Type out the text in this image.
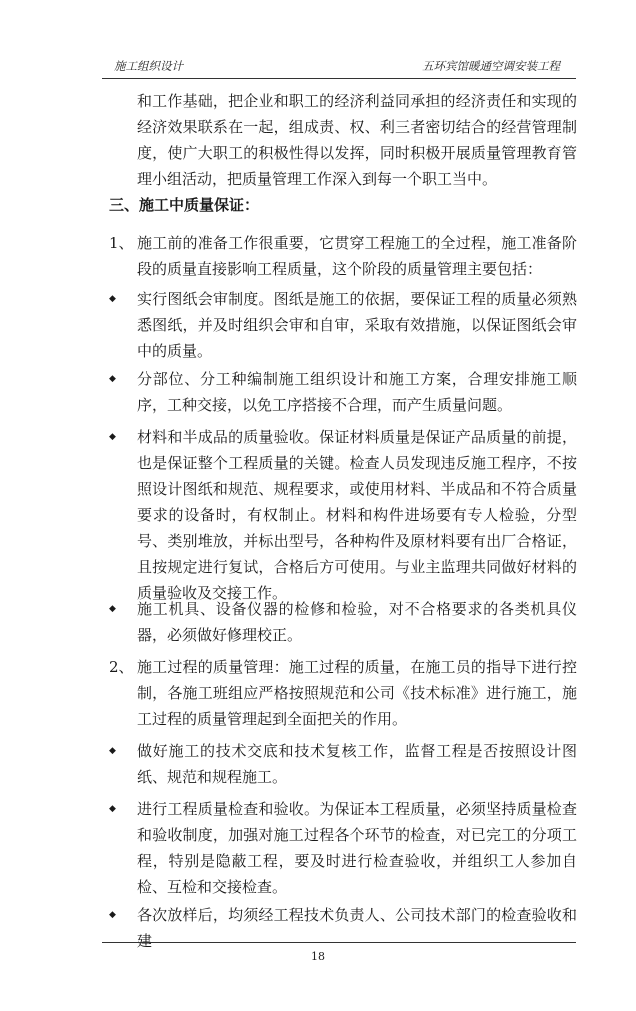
施工组织设计	五环宾馆暖通空调安装工程

和工作基础，把企业和职工的经济利益同承担的经济责任和实现的经济效果联系在一起，组成责、权、利三者密切结合的经营管理制度，使广大职工的积极性得以发挥，同时积极开展质量管理教育管理小组活动，把质量管理工作深入到每一个职工当中。

三、施工中质量保证：
1、 施工前的准备工作很重要，它贯穿工程施工的全过程，施工准备阶段的质量直接影响工程质量，这个阶段的质量管理主要包括：

◆ 实行图纸会审制度。图纸是施工的依据，要保证工程的质量必须熟悉图纸，并及时组织会审和自审，采取有效措施，以保证图纸会审中的质量。

◆ 分部位、分工种编制施工组织设计和施工方案，合理安排施工顺序，工种交接，以免工序搭接不合理，而产生质量问题。

◆ 材料和半成品的质量验收。保证材料质量是保证产品质量的前提，也是保证整个工程质量的关键。检查人员发现违反施工程序，不按照设计图纸和规范、规程要求，或使用材料、半成品和不符合质量要求的设备时，有权制止。材料和构件进场要有专人检验，分型号、类别堆放，并标出型号，各种构件及原材料要有出厂合格证，且按规定进行复试，合格后方可使用。与业主监理共同做好材料的质量验收及交接工作。

◆ 施工机具、设备仪器的检修和检验，对不合格要求的各类机具仪器，必须做好修理校正。

2、 施工过程的质量管理：施工过程的质量，在施工员的指导下进行控制，各施工班组应严格按照规范和公司《技术标准》进行施工，施工过程的质量管理起到全面把关的作用。

◆ 做好施工的技术交底和技术复核工作，监督工程是否按照设计图纸、规范和规程施工。

◆ 进行工程质量检查和验收。为保证本工程质量，必须坚持质量检查和验收制度，加强对施工过程各个环节的检查，对已完工的分项工程，特别是隐蔽工程，要及时进行检查验收，并组织工人参加自检、互检和交接检查。

◆ 各次放样后，均须经工程技术负责人、公司技术部门的检查验收和建

18
